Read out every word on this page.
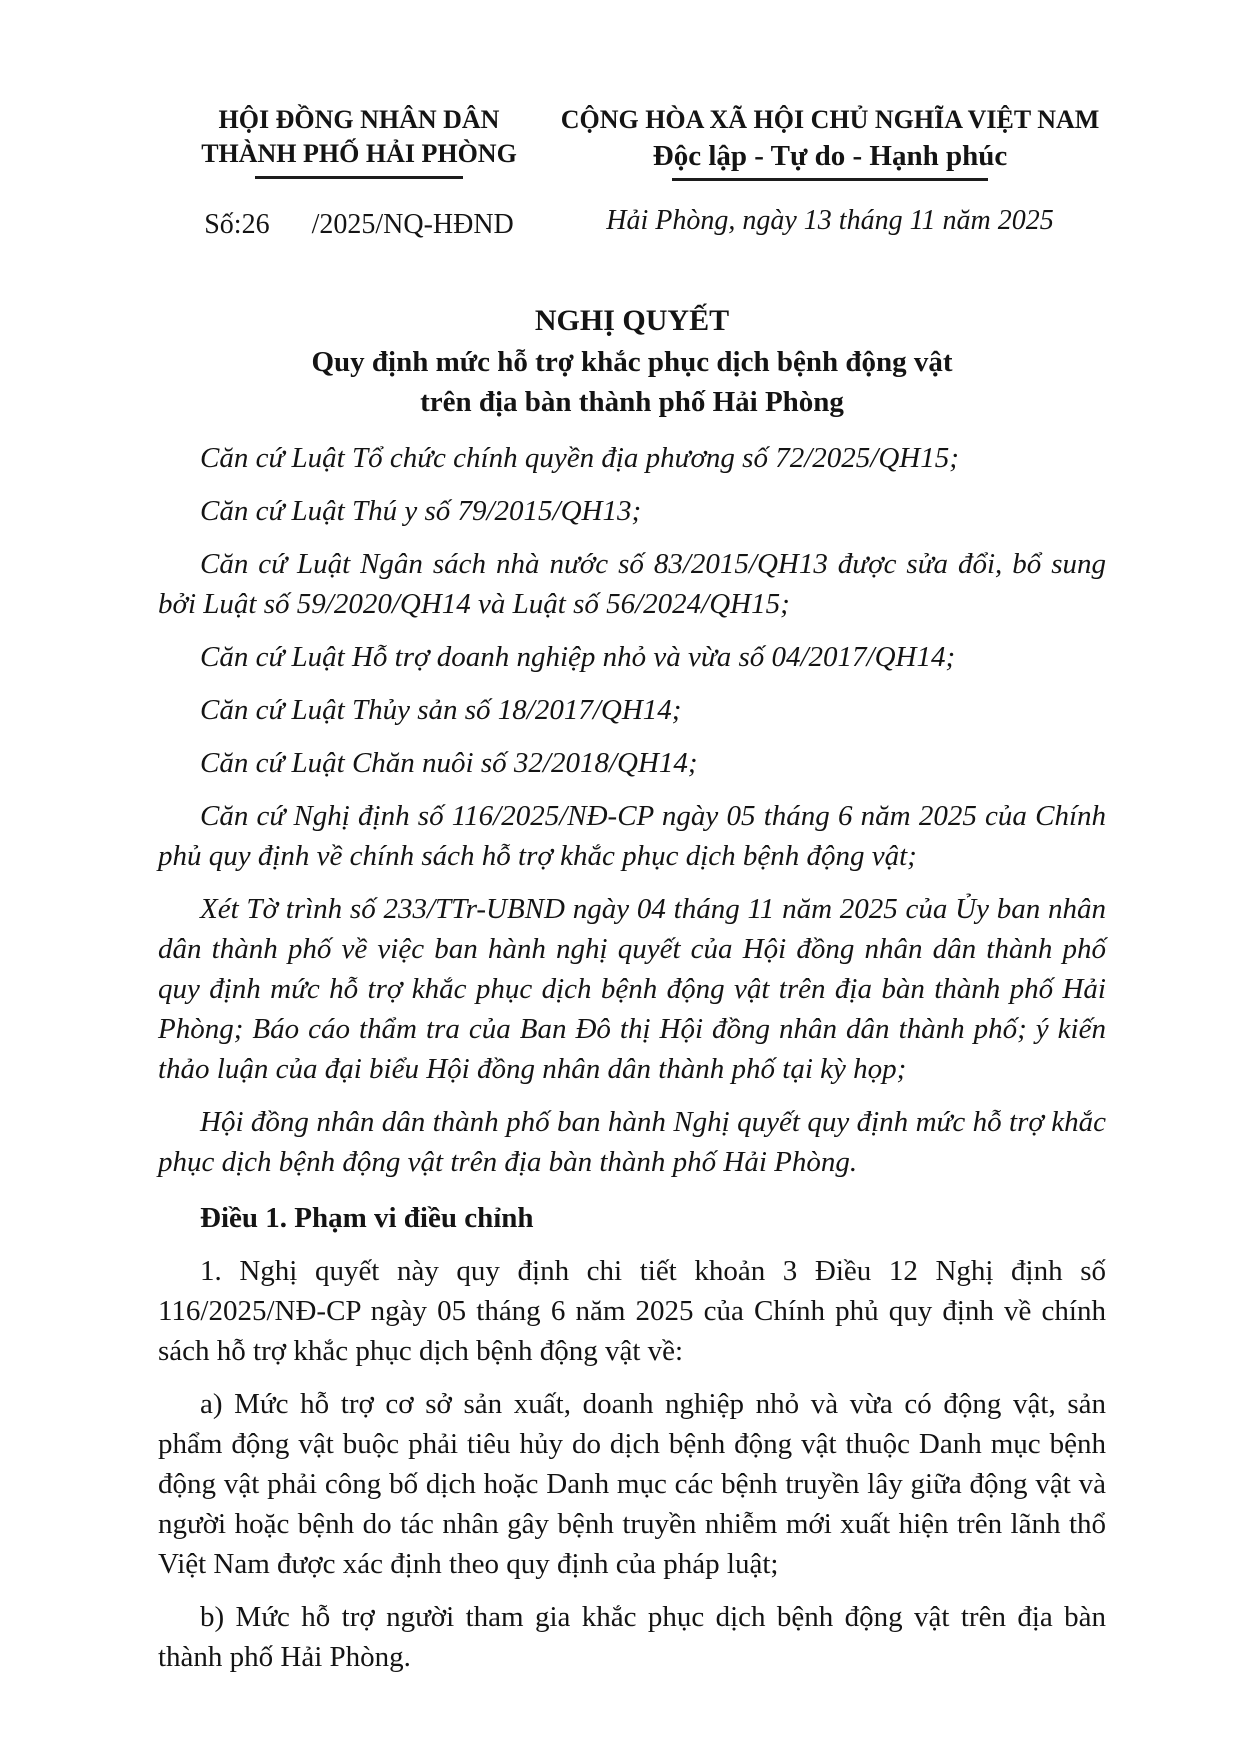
HỘI ĐỒNG NHÂN DÂN
THÀNH PHỐ HẢI PHÒNG
Số:26 /2025/NQ-HĐND
CỘNG HÒA XÃ HỘI CHỦ NGHĨA VIỆT NAM
Độc lập - Tự do - Hạnh phúc
Hải Phòng, ngày 13 tháng 11 năm 2025
NGHỊ QUYẾT
Quy định mức hỗ trợ khắc phục dịch bệnh động vật
trên địa bàn thành phố Hải Phòng

Căn cứ Luật Tổ chức chính quyền địa phương số 72/2025/QH15;

Căn cứ Luật Thú y số 79/2015/QH13;

Căn cứ Luật Ngân sách nhà nước số 83/2015/QH13 được sửa đổi, bổ sung bởi Luật số 59/2020/QH14 và Luật số 56/2024/QH15;

Căn cứ Luật Hỗ trợ doanh nghiệp nhỏ và vừa số 04/2017/QH14;

Căn cứ Luật Thủy sản số 18/2017/QH14;

Căn cứ Luật Chăn nuôi số 32/2018/QH14;

Căn cứ Nghị định số 116/2025/NĐ-CP ngày 05 tháng 6 năm 2025 của Chính phủ quy định về chính sách hỗ trợ khắc phục dịch bệnh động vật;

Xét Tờ trình số 233/TTr-UBND ngày 04 tháng 11 năm 2025 của Ủy ban nhân dân thành phố về việc ban hành nghị quyết của Hội đồng nhân dân thành phố quy định mức hỗ trợ khắc phục dịch bệnh động vật trên địa bàn thành phố Hải Phòng; Báo cáo thẩm tra của Ban Đô thị Hội đồng nhân dân thành phố; ý kiến thảo luận của đại biểu Hội đồng nhân dân thành phố tại kỳ họp;

Hội đồng nhân dân thành phố ban hành Nghị quyết quy định mức hỗ trợ khắc phục dịch bệnh động vật trên địa bàn thành phố Hải Phòng.

Điều 1. Phạm vi điều chỉnh

1. Nghị quyết này quy định chi tiết khoản 3 Điều 12 Nghị định số 116/2025/NĐ-CP ngày 05 tháng 6 năm 2025 của Chính phủ quy định về chính sách hỗ trợ khắc phục dịch bệnh động vật về:

a) Mức hỗ trợ cơ sở sản xuất, doanh nghiệp nhỏ và vừa có động vật, sản phẩm động vật buộc phải tiêu hủy do dịch bệnh động vật thuộc Danh mục bệnh động vật phải công bố dịch hoặc Danh mục các bệnh truyền lây giữa động vật và người hoặc bệnh do tác nhân gây bệnh truyền nhiễm mới xuất hiện trên lãnh thổ Việt Nam được xác định theo quy định của pháp luật;

b) Mức hỗ trợ người tham gia khắc phục dịch bệnh động vật trên địa bàn thành phố Hải Phòng.
